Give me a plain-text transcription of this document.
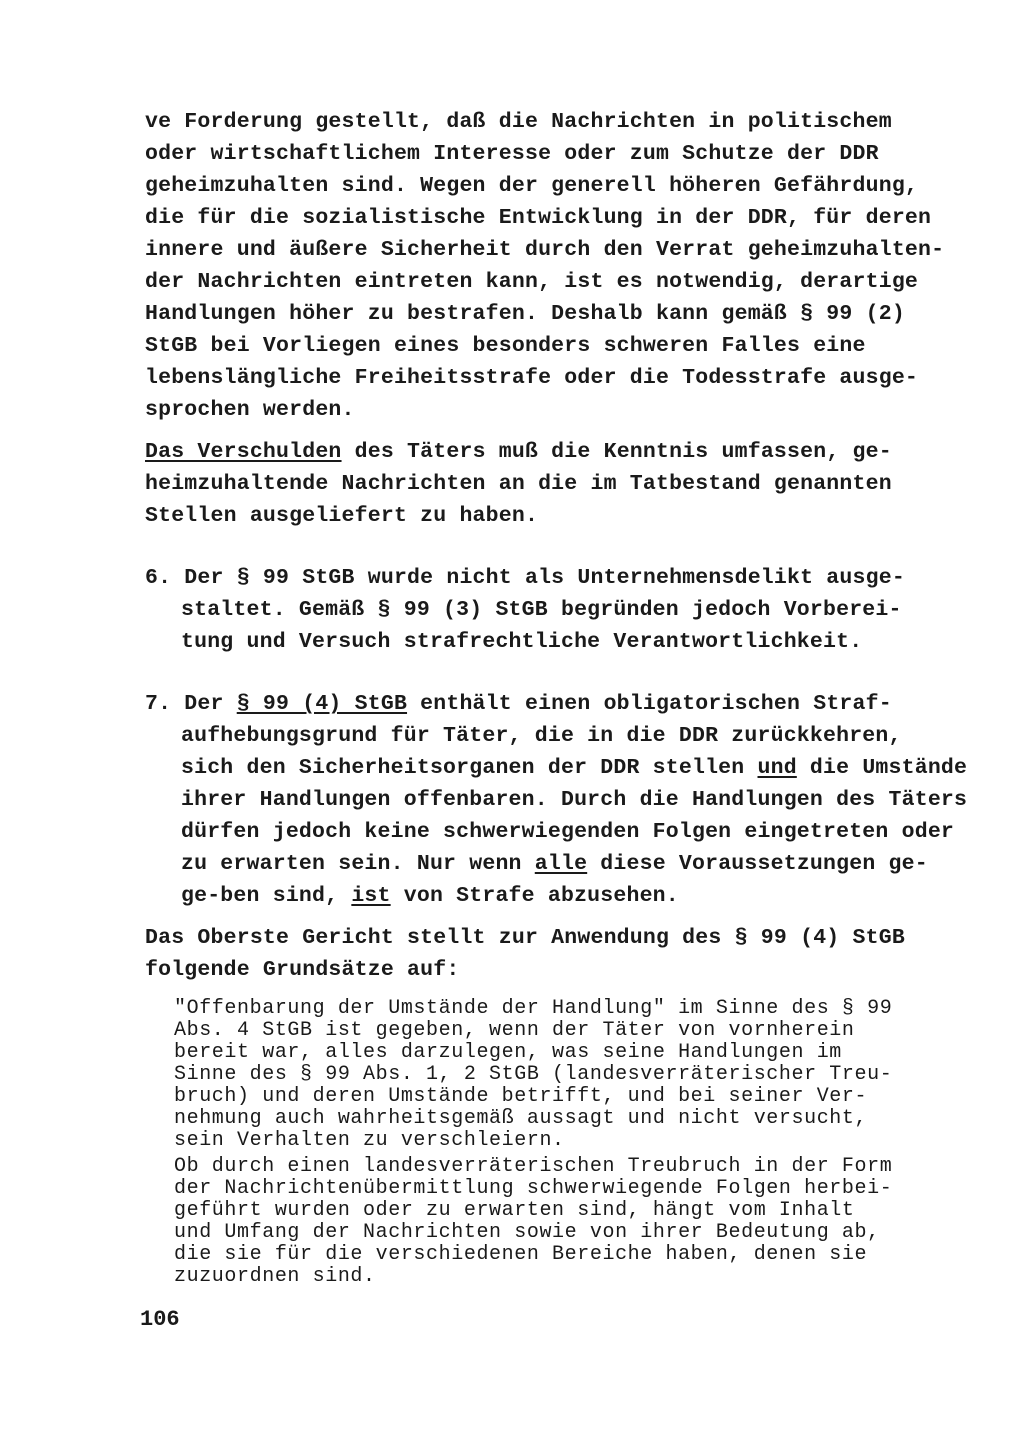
ve Forderung gestellt, daß die Nachrichten in politischem
oder wirtschaftlichem Interesse oder zum Schutze der DDR
geheimzuhalten sind. Wegen der generell höheren Gefährdung,
die für die sozialistische Entwicklung in der DDR, für deren
innere und äußere Sicherheit durch den Verrat geheimzuhalten-
der Nachrichten eintreten kann, ist es notwendig, derartige
Handlungen höher zu bestrafen. Deshalb kann gemäß § 99 (2)
StGB bei Vorliegen eines besonders schweren Falles eine
lebenslängliche Freiheitsstrafe oder die Todesstrafe ausge-
sprochen werden.
Das Verschulden des Täters muß die Kenntnis umfassen, ge-
heimzuhaltende Nachrichten an die im Tatbestand genannten
Stellen ausgeliefert zu haben.
6. Der § 99 StGB wurde nicht als Unternehmensdelikt ausge-
staltet. Gemäß § 99 (3) StGB begründen jedoch Vorberei-
tung und Versuch strafrechtliche Verantwortlichkeit.
7. Der § 99 (4) StGB enthält einen obligatorischen Straf-
aufhebungsgrund für Täter, die in die DDR zurückkehren,
sich den Sicherheitsorganen der DDR stellen und die Umstände
ihrer Handlungen offenbaren. Durch die Handlungen des Täters
dürfen jedoch keine schwerwiegenden Folgen eingetreten oder
zu erwarten sein. Nur wenn alle diese Voraussetzungen ge-
ge-ben sind, ist von Strafe abzusehen.
Das Oberste Gericht stellt zur Anwendung des § 99 (4) StGB
folgende Grundsätze auf:
"Offenbarung der Umstände der Handlung" im Sinne des § 99
Abs. 4 StGB ist gegeben, wenn der Täter von vornherein
bereit war, alles darzulegen, was seine Handlungen im
Sinne des § 99 Abs. 1, 2 StGB (landesverräterischer Treu-
bruch) und deren Umstände betrifft, und bei seiner Ver-
nehmung auch wahrheitsgemäß aussagt und nicht versucht,
sein Verhalten zu verschleiern.
Ob durch einen landesverräterischen Treubruch in der Form
der Nachrichtenübermittlung schwerwiegende Folgen herbei-
geführt wurden oder zu erwarten sind, hängt vom Inhalt
und Umfang der Nachrichten sowie von ihrer Bedeutung ab,
die sie für die verschiedenen Bereiche haben, denen sie
zuzuordnen sind.
106
